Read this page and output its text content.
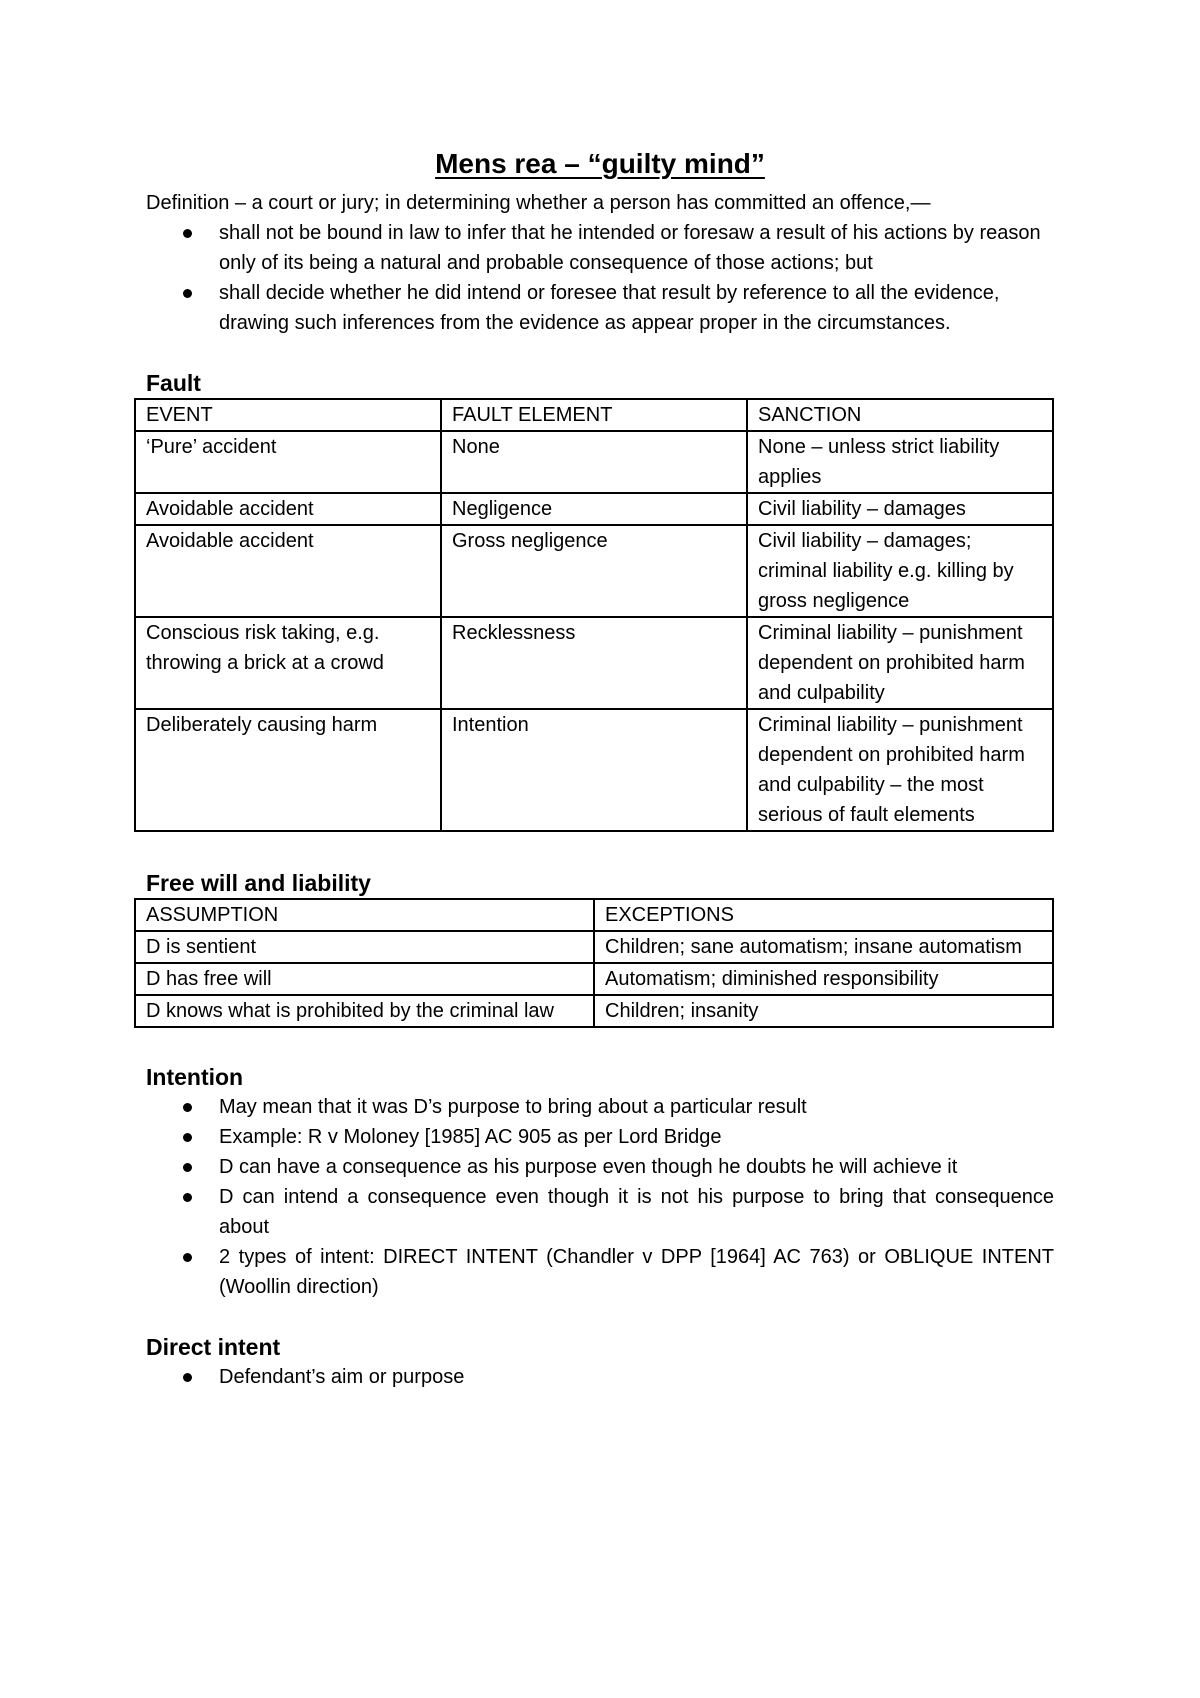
Mens rea – “guilty mind”

Definition – a court or jury; in determining whether a person has committed an offence,—

shall not be bound in law to infer that he intended or foresaw a result of his actions by reason only of its being a natural and probable consequence of those actions; but
shall decide whether he did intend or foresee that result by reference to all the evidence, drawing such inferences from the evidence as appear proper in the circumstances.
Fault
EVENT	FAULT ELEMENT	SANCTION
‘Pure’ accident	None	None – unless strict liability applies
Avoidable accident	Negligence	Civil liability – damages
Avoidable accident	Gross negligence	Civil liability – damages; criminal liability e.g. killing by gross negligence
Conscious risk taking, e.g. throwing a brick at a crowd	Recklessness	Criminal liability – punishment dependent on prohibited harm and culpability
Deliberately causing harm	Intention	Criminal liability – punishment dependent on prohibited harm and culpability – the most serious of fault elements
Free will and liability
ASSUMPTION	EXCEPTIONS
D is sentient	Children; sane automatism; insane automatism
D has free will	Automatism; diminished responsibility
D knows what is prohibited by the criminal law	Children; insanity
Intention
May mean that it was D’s purpose to bring about a particular result
Example: R v Moloney [1985] AC 905 as per Lord Bridge
D can have a consequence as his purpose even though he doubts he will achieve it
D can intend a consequence even though it is not his purpose to bring that consequence about
2 types of intent: DIRECT INTENT (Chandler v DPP [1964] AC 763) or OBLIQUE INTENT (Woollin direction)
Direct intent
Defendant’s aim or purpose
